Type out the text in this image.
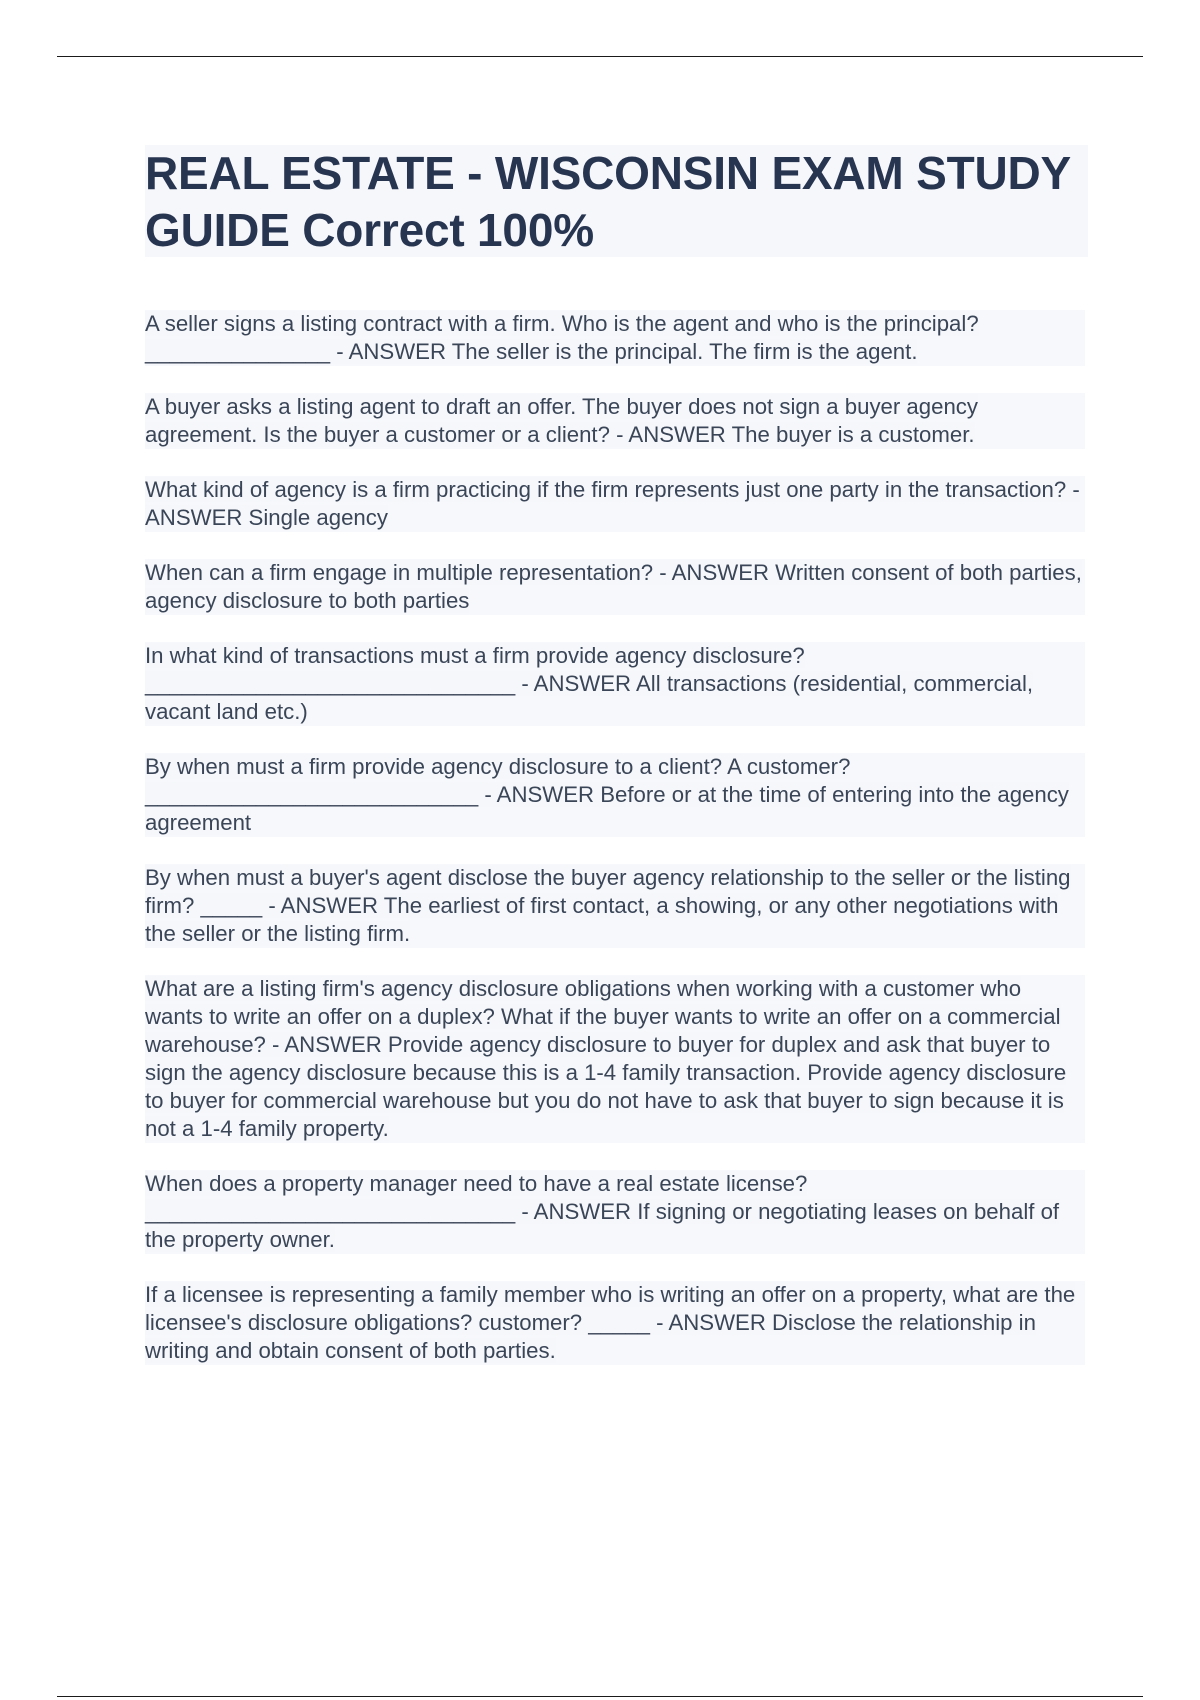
REAL ESTATE - WISCONSIN EXAM STUDY GUIDE Correct 100%

A seller signs a listing contract with a firm. Who is the agent and who is the principal? _______________ - ANSWER The seller is the principal. The firm is the agent.

A buyer asks a listing agent to draft an offer. The buyer does not sign a buyer agency agreement. Is the buyer a customer or a client? - ANSWER The buyer is a customer.

What kind of agency is a firm practicing if the firm represents just one party in the transaction? - ANSWER Single agency

When can a firm engage in multiple representation? - ANSWER Written consent of both parties, agency disclosure to both parties

In what kind of transactions must a firm provide agency disclosure? ______________________________ - ANSWER All transactions (residential, commercial, vacant land etc.)

By when must a firm provide agency disclosure to a client? A customer? ___________________________ - ANSWER Before or at the time of entering into the agency agreement

By when must a buyer's agent disclose the buyer agency relationship to the seller or the listing firm? _____ - ANSWER The earliest of first contact, a showing, or any other negotiations with the seller or the listing firm.

What are a listing firm's agency disclosure obligations when working with a customer who wants to write an offer on a duplex? What if the buyer wants to write an offer on a commercial warehouse? - ANSWER Provide agency disclosure to buyer for duplex and ask that buyer to sign the agency disclosure because this is a 1-4 family transaction. Provide agency disclosure to buyer for commercial warehouse but you do not have to ask that buyer to sign because it is not a 1-4 family property.

When does a property manager need to have a real estate license? ______________________________ - ANSWER If signing or negotiating leases on behalf of the property owner.

If a licensee is representing a family member who is writing an offer on a property, what are the licensee's disclosure obligations? customer? _____ - ANSWER Disclose the relationship in writing and obtain consent of both parties.
